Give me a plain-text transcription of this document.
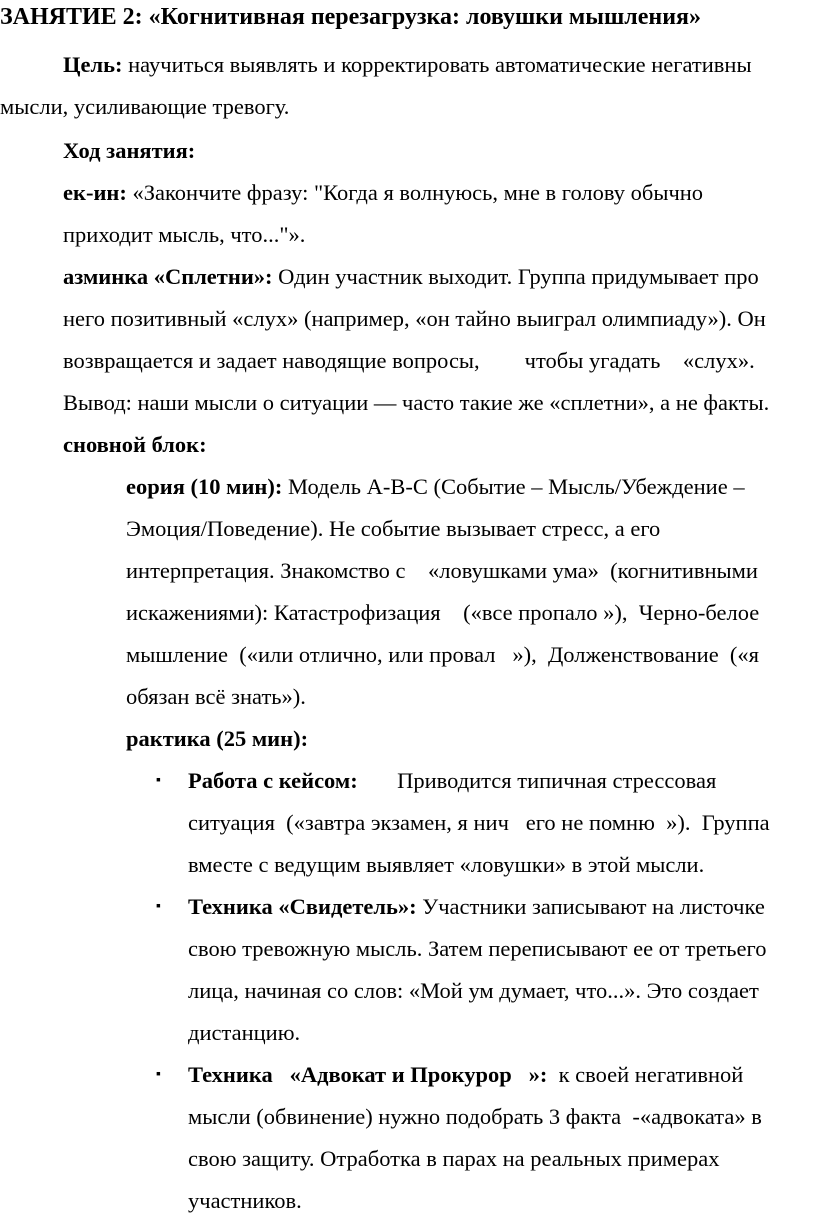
ЗАНЯТИЕ 2: «Когнитивная перезагрузка: ловушки мышления»
Цель: научиться выявлять и корректировать автоматические негативны
мысли, усиливающие тревогу.
Ход занятия:
ек-ин: «Закончите фразу: "Когда я волнуюсь, мне в голову обычно
приходит мысль, что..."».
азминка «Сплетни»: Один участник выходит. Группа придумывает про
него позитивный «слух» (например, «он тайно выиграл олимпиаду»). Он
возвращается и задает наводящие вопросы,        чтобы угадать    «слух».
Вывод: наши мысли о ситуации — часто такие же «сплетни», а не факты.
сновной блок:
еория (10 мин): Модель А-В-С (Событие – Мысль/Убеждение –
Эмоция/Поведение). Не событие вызывает стресс, а его
интерпретация. Знакомство с    «ловушками ума»  (когнитивными
искажениями): Катастрофизация    («все пропало »),  Черно-белое
мышление  («или отлично, или провал   »),  Долженствование  («я
обязан всё знать»).
рактика (25 мин):
▪ Работа с кейсом: Приводится типичная стрессовая
ситуация  («завтра экзамен, я нич   его не помню  »).  Группа
вместе с ведущим выявляет «ловушки» в этой мысли.
▪ Техника «Свидетель»: Участники записывают на листочке
свою тревожную мысль. Затем переписывают ее от третьего
лица, начиная со слов: «Мой ум думает, что...». Это создает
дистанцию.
▪ Техника   «Адвокат и Прокурор   »: к своей негативной
мысли (обвинение) нужно подобрать 3 факта  -«адвоката» в
свою защиту. Отработка в парах на реальных примерах
участников.
